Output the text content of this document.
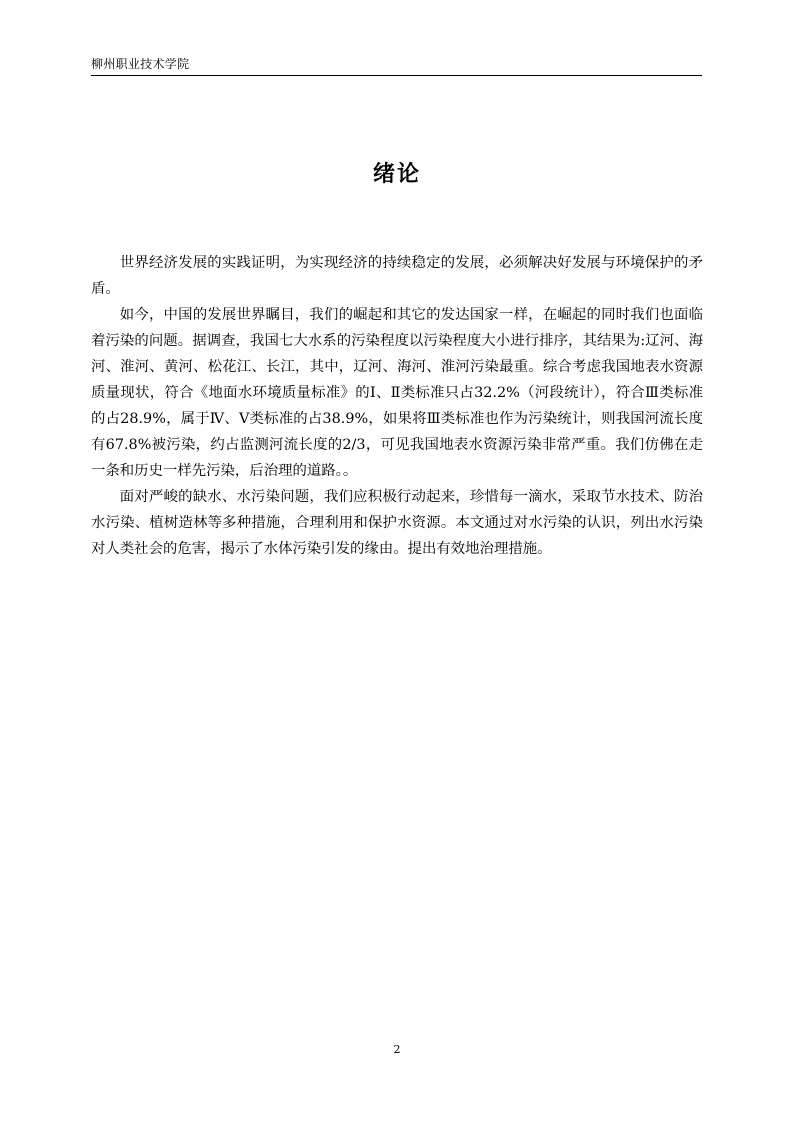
柳州职业技术学院
绪论

世界经济发展的实践证明，为实现经济的持续稳定的发展，必须解决好发展与环境保护的矛盾。

如今，中国的发展世界瞩目，我们的崛起和其它的发达国家一样，在崛起的同时我们也面临着污染的问题。据调查，我国七大水系的污染程度以污染程度大小进行排序，其结果为:辽河、海河、淮河、黄河、松花江、长江，其中，辽河、海河、淮河污染最重。综合考虑我国地表水资源质量现状，符合《地面水环境质量标准》的Ⅰ、Ⅱ类标准只占32.2%（河段统计），符合Ⅲ类标准的占28.9%，属于Ⅳ、Ⅴ类标准的占38.9%，如果将Ⅲ类标准也作为污染统计，则我国河流长度有67.8%被污染，约占监测河流长度的2/3，可见我国地表水资源污染非常严重。我们仿佛在走一条和历史一样先污染，后治理的道路。。

面对严峻的缺水、水污染问题，我们应积极行动起来，珍惜每一滴水，采取节水技术、防治水污染、植树造林等多种措施，合理利用和保护水资源。本文通过对水污染的认识，列出水污染对人类社会的危害，揭示了水体污染引发的缘由。提出有效地治理措施。

2
